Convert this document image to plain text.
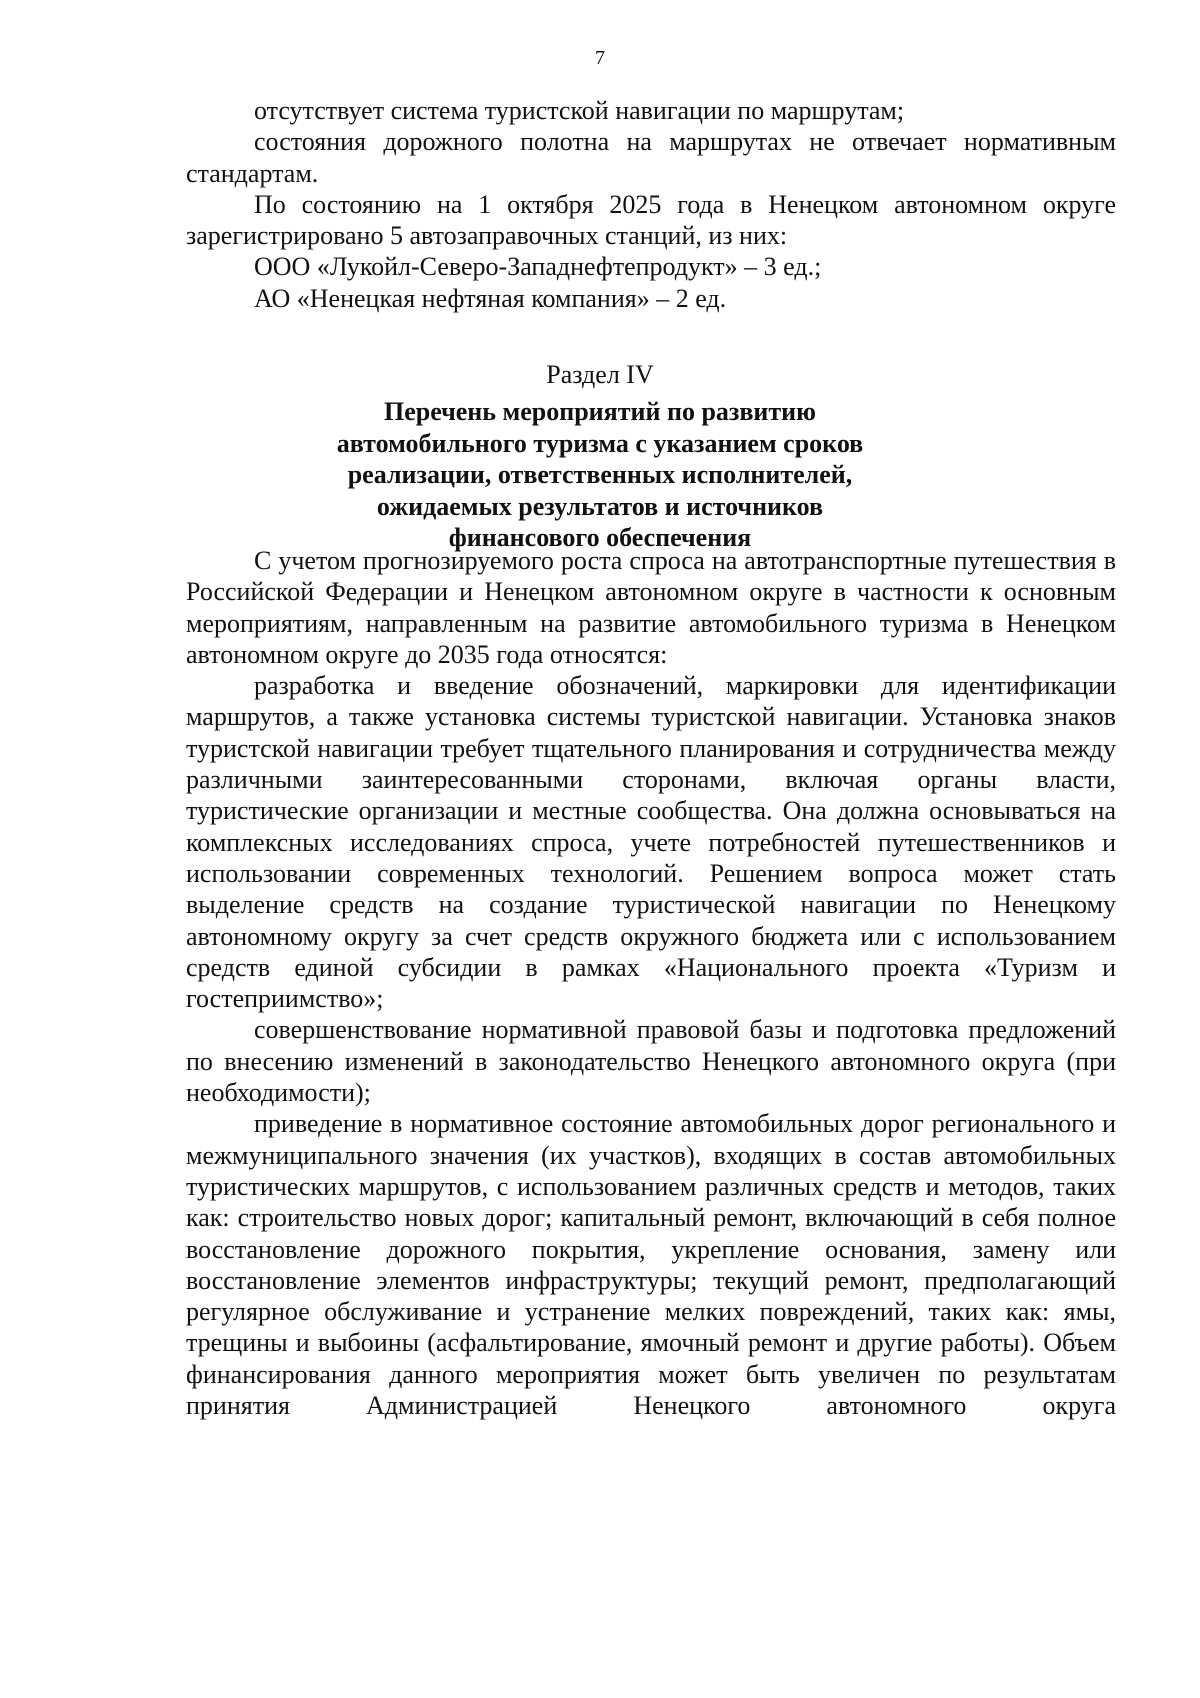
7

отсутствует система туристской навигации по маршрутам;

состояния дорожного полотна на маршрутах не отвечает нормативным стандартам.

По состоянию на 1 октября 2025 года в Ненецком автономном округе зарегистрировано 5 автозаправочных станций, из них:

ООО «Лукойл-Северо-Западнефтепродукт» – 3 ед.;

АО «Ненецкая нефтяная компания» – 2 ед.

Раздел IV
Перечень мероприятий по развитию автомобильного туризма с указанием сроков реализации, ответственных исполнителей, ожидаемых результатов и источников финансового обеспечения

С учетом прогнозируемого роста спроса на автотранспортные путешествия в Российской Федерации и Ненецком автономном округе в частности к основным мероприятиям, направленным на развитие автомобильного туризма в Ненецком автономном округе до 2035 года относятся:

разработка и введение обозначений, маркировки для идентификации маршрутов, а также установка системы туристской навигации. Установка знаков туристской навигации требует тщательного планирования и сотрудничества между различными заинтересованными сторонами, включая органы власти, туристические организации и местные сообщества. Она должна основываться на комплексных исследованиях спроса, учете потребностей путешественников и использовании современных технологий. Решением вопроса может стать выделение средств на создание туристической навигации по Ненецкому автономному округу за счет средств окружного бюджета или с использованием средств единой субсидии в рамках «Национального проекта «Туризм и гостеприимство»;

совершенствование нормативной правовой базы и подготовка предложений по внесению изменений в законодательство Ненецкого автономного округа (при необходимости);

приведение в нормативное состояние автомобильных дорог регионального и межмуниципального значения (их участков), входящих в состав автомобильных туристических маршрутов, с использованием различных средств и методов, таких как: строительство новых дорог; капитальный ремонт, включающий в себя полное восстановление дорожного покрытия, укрепление основания, замену или восстановление элементов инфраструктуры; текущий ремонт, предполагающий регулярное обслуживание и устранение мелких повреждений, таких как: ямы, трещины и выбоины (асфальтирование, ямочный ремонт и другие работы). Объем финансирования данного мероприятия может быть увеличен по результатам принятия Администрацией Ненецкого автономного округа
